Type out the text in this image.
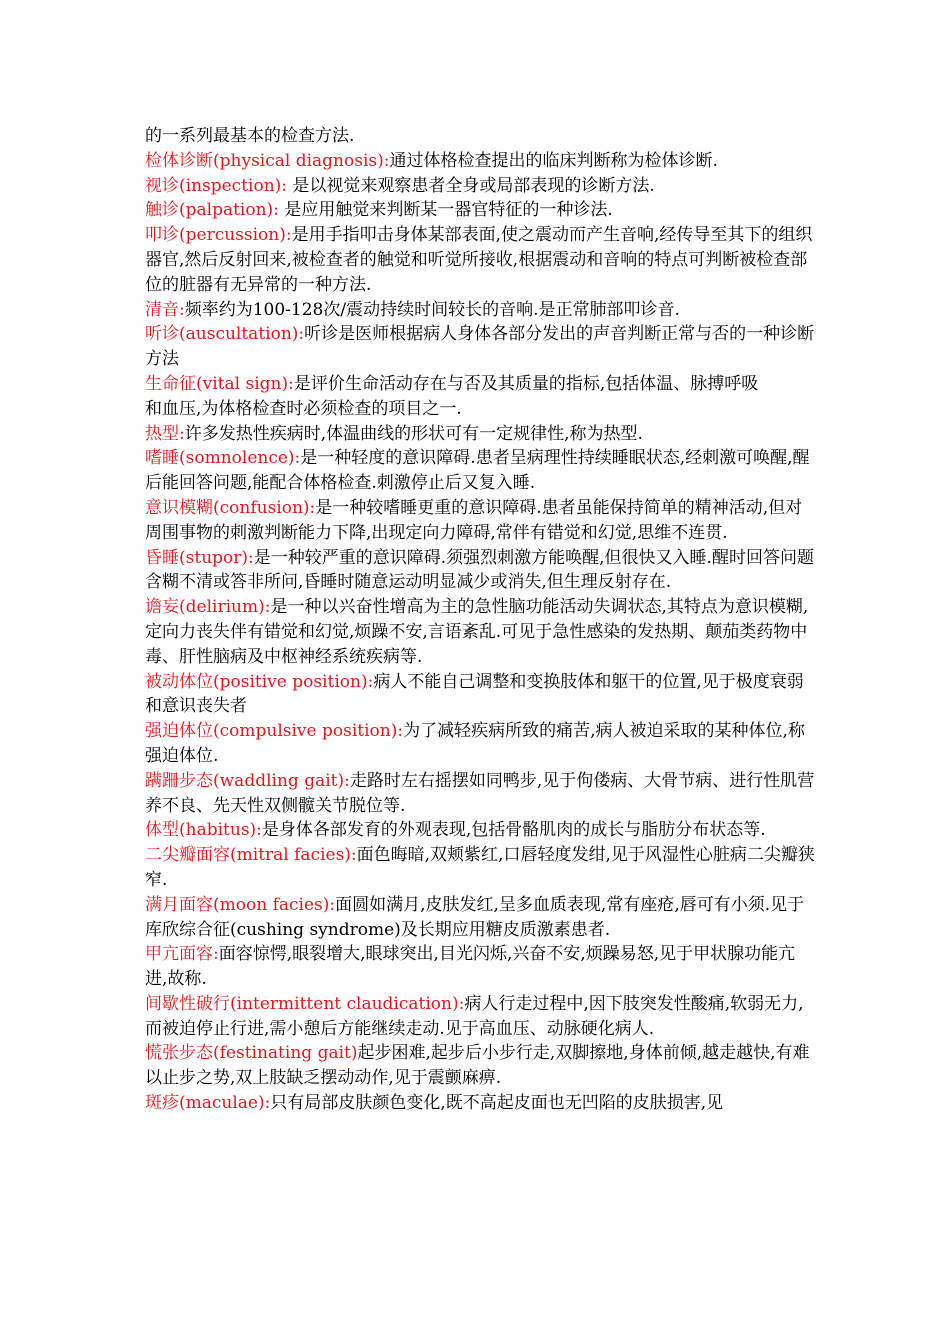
的一系列最基本的检查方法.

检体诊断(physical diagnosis):通过体格检查提出的临床判断称为检体诊断.

视诊(inspection): 是以视觉来观察患者全身或局部表现的诊断方法.

触诊(palpation): 是应用触觉来判断某一器官特征的一种诊法.

叩诊(percussion):是用手指叩击身体某部表面,使之震动而产生音响,经传导至其下的组织器官,然后反射回来,被检查者的触觉和听觉所接收,根据震动和音响的特点可判断被检查部位的脏器有无异常的一种方法.

清音:频率约为100-128次/震动持续时间较长的音响.是正常肺部叩诊音.

听诊(auscultation):听诊是医师根据病人身体各部分发出的声音判断正常与否的一种诊断方法

生命征(vital sign):是评价生命活动存在与否及其质量的指标,包括体温、脉搏呼吸

和血压,为体格检查时必须检查的项目之一.

热型:许多发热性疾病时,体温曲线的形状可有一定规律性,称为热型.

嗜睡(somnolence):是一种轻度的意识障碍.患者呈病理性持续睡眠状态,经刺激可唤醒,醒后能回答问题,能配合体格检查.刺激停止后又复入睡.

意识模糊(confusion):是一种较嗜睡更重的意识障碍.患者虽能保持简单的精神活动,但对周围事物的刺激判断能力下降,出现定向力障碍,常伴有错觉和幻觉,思维不连贯.

昏睡(stupor):是一种较严重的意识障碍.须强烈刺激方能唤醒,但很快又入睡.醒时回答问题含糊不清或答非所问,昏睡时随意运动明显减少或消失,但生理反射存在.

谵妄(delirium):是一种以兴奋性增高为主的急性脑功能活动失调状态,其特点为意识模糊,定向力丧失伴有错觉和幻觉,烦躁不安,言语紊乱.可见于急性感染的发热期、颠茄类药物中毒、肝性脑病及中枢神经系统疾病等.

被动体位(positive position):病人不能自己调整和变换肢体和躯干的位置,见于极度衰弱和意识丧失者

强迫体位(compulsive position):为了减轻疾病所致的痛苦,病人被迫采取的某种体位,称强迫体位.

蹒跚步态(waddling gait):走路时左右摇摆如同鸭步,见于佝偻病、大骨节病、进行性肌营养不良、先天性双侧髋关节脱位等.

体型(habitus):是身体各部发育的外观表现,包括骨骼肌肉的成长与脂肪分布状态等.

二尖瓣面容(mitral facies):面色晦暗,双颊紫红,口唇轻度发绀,见于风湿性心脏病二尖瓣狭窄.

满月面容(moon facies):面圆如满月,皮肤发红,呈多血质表现,常有座疮,唇可有小须.见于库欣综合征(cushing syndrome)及长期应用糖皮质激素患者.

甲亢面容:面容惊愕,眼裂增大,眼球突出,目光闪烁,兴奋不安,烦躁易怒,见于甲状腺功能亢进,故称.

间歇性破行(intermittent claudication):病人行走过程中,因下肢突发性酸痛,软弱无力,而被迫停止行进,需小憩后方能继续走动.见于高血压、动脉硬化病人.

慌张步态(festinating gait)起步困难,起步后小步行走,双脚擦地,身体前倾,越走越快,有难以止步之势,双上肢缺乏摆动动作,见于震颤麻痹.

斑疹(maculae):只有局部皮肤颜色变化,既不高起皮面也无凹陷的皮肤损害,见
